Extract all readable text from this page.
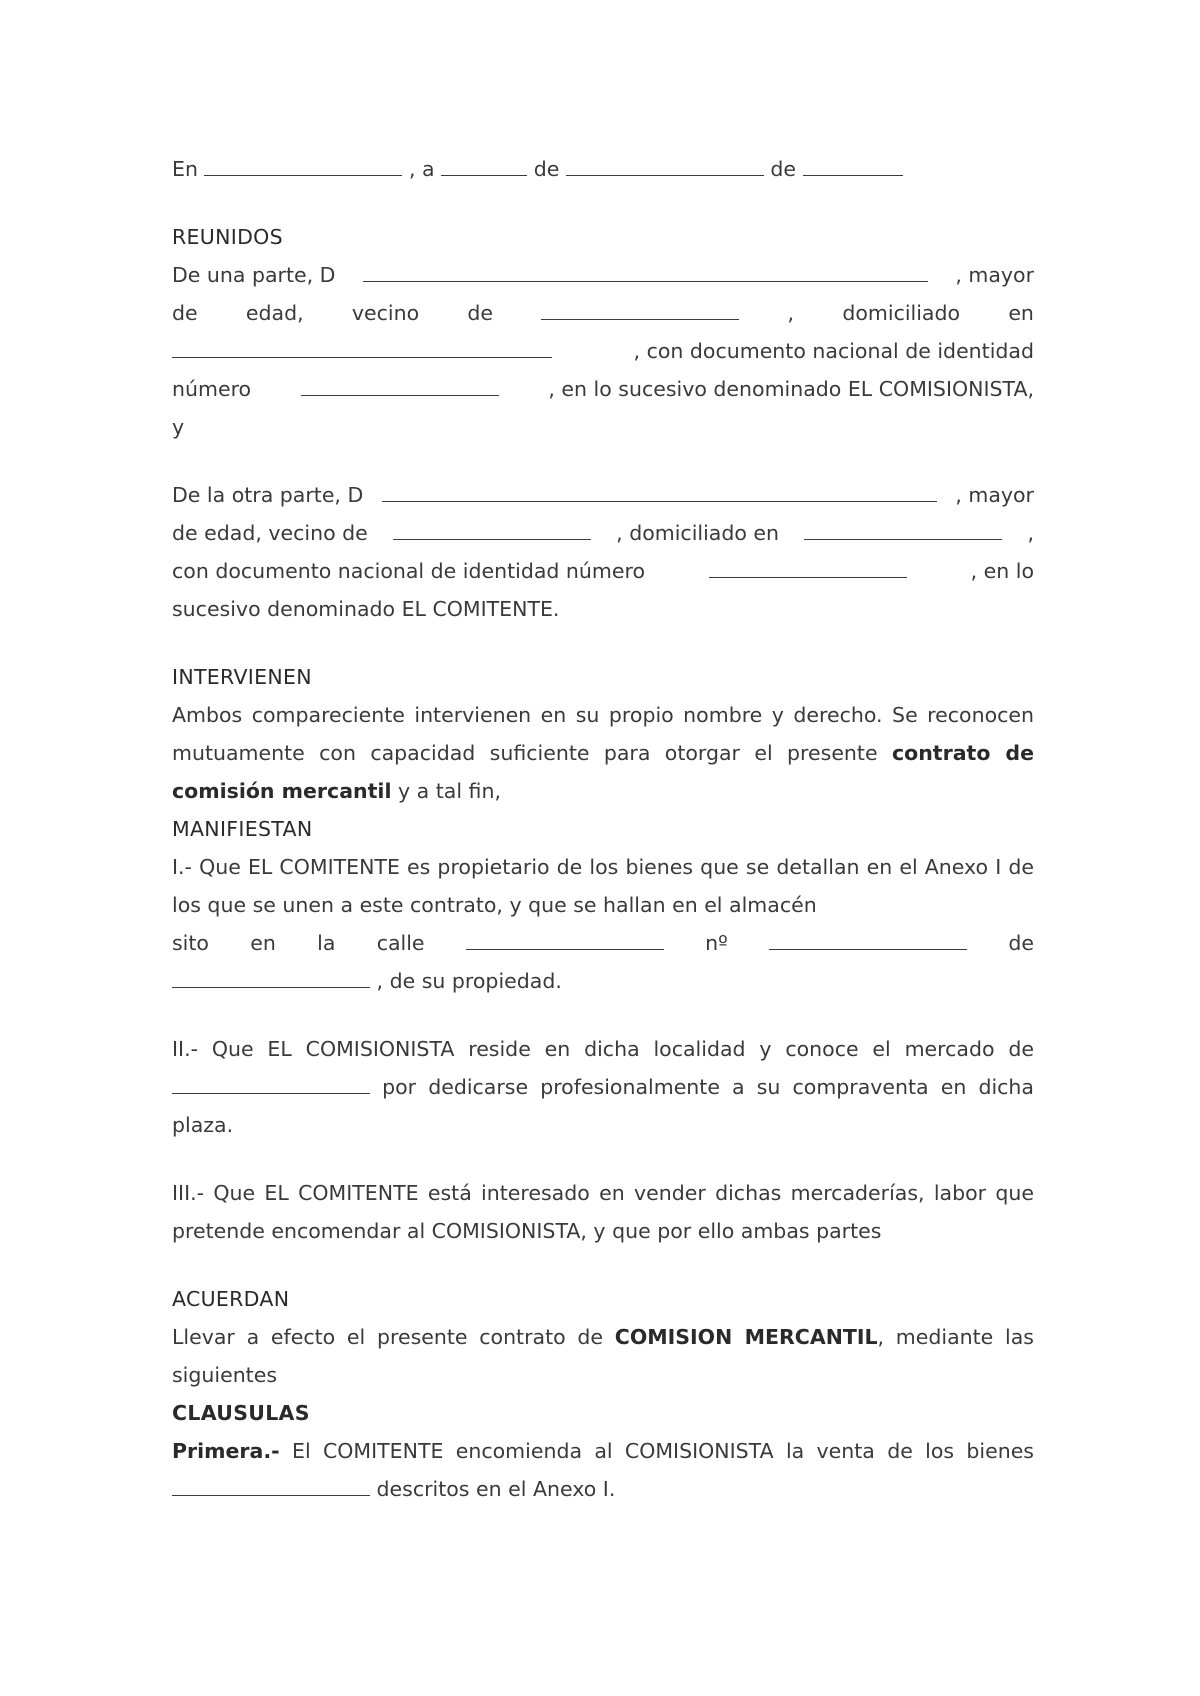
En	, a	de	de

REUNIDOS

De una parte, D	, mayor
de edad, vecino de	, domiciliado en
, con documento nacional de identidad
número	, en lo sucesivo denominado EL COMISIONISTA,

y

De la otra parte, D	, mayor
de edad, vecino de	, domiciliado en	,
con documento nacional de identidad número	, en lo

sucesivo denominado EL COMITENTE.

INTERVIENEN

Ambos compareciente intervienen en su propio nombre y derecho. Se reconocen mutuamente con capacidad suficiente para otorgar el presente contrato de comisión mercantil y a tal fin,

MANIFIESTAN

I.- Que EL COMITENTE es propietario de los bienes que se detallan en el Anexo I de los que se unen a este contrato, y que se hallan en el almacén

sito en la calle	nº	de

, de su propiedad.

II.- Que EL COMISIONISTA reside en dicha localidad y conoce el mercado de  por dedicarse profesionalmente a su compraventa en dicha plaza.

III.- Que EL COMITENTE está interesado en vender dichas mercaderías, labor que pretende encomendar al COMISIONISTA, y que por ello ambas partes

ACUERDAN

Llevar a efecto el presente contrato de COMISION MERCANTIL, mediante las siguientes

CLAUSULAS

Primera.- El COMITENTE encomienda al COMISIONISTA la venta de los bienes  descritos en el Anexo I.
